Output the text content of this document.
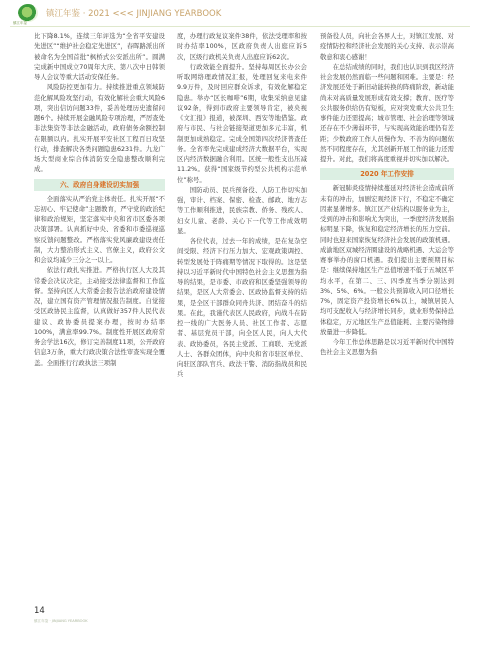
镇江年鉴
镇江年鉴 · 2021 <<< JINJIANG YEARBOOK

比下降8.1%，连续三年评选为“全省平安建设先进区”“维护社会稳定先进区”，春晖路派出所被命名为全国首批“枫桥式公安派出所”。圆满完成新中国成立70周年大庆、第八次中日韩领导人会议等重大活动安保任务。

风险防控更加有力。持续推进重点领域防范化解风险攻坚行动，有效化解社会重大风险6项，突出信访问题33件，妥善处理历史遗留问题6个。持续开展金融风险专项治理，严厉查处非法集资等非法金融活动，政府债务余额控制在限额以内。扎实开展平安社区工程百日攻坚行动，排查解决各类问题隐患6231件。九龙广场大型商业综合体消防安全隐患整改顺利完成。

六、政府自身建设切实加强

全面落实从严治党主体责任。扎实开展“不忘初心、牢记使命”主题教育，严守党的政治纪律和政治规矩，坚定落实中央和省市区委各项决策部署。认真抓好中央、省委和市委巡视巡察反馈问题整改。严格落实党风廉政建设责任制，大力整治形式主义、官僚主义，政府公文和会议均减少三分之一以上。

依法行政扎实推进。严格执行区人大及其常委会决议决定，主动接受法律监督和工作监督。坚持向区人大常委会报告法治政府建设情况，建立国有资产管理情况报告制度。自觉接受区政协民主监督，认真做好357件人民代表建议、政协委员提案办理，按时办结率100%，满意率99.7%。制度性开展区政府常务会学法16次，修订完善制度11项，公开政府信息3万条，重大行政决策合法性审查实现全覆盖。全面推行行政执法三项制

度，办理行政复议案件38件，依法受理率和按时办结率100%，区政府负责人出庭应诉5次，区级行政机关负责人出庭应诉62次。

行政效能全面提升。坚持每周区长办公会听取网络理政情况汇报，处理回复来电来件9.9万件，及时回应群众诉求，有效化解稳定隐患。举办“区长咖啡”6期，收集采纳意见建议92条，得到市政府主要领导肯定，被央视《文汇报》报道，被深圳、西安等地借鉴。政府与市民、与社会链接渠道更加多元丰富，机制更加成熟稳定。完成全国第四次经济普查任务。全省率先完成建成经济大数据平台，实现区内经济数据融合利用。区统一般性支出压减11.2%。获得“国家级节约型公共机构示范单位”称号。

国防动员、民兵预备役、人防工作切实加强，审计、档案、保密、检查、邮政、地方志等工作顺利推进，民族宗教、侨务、残疾人、妇女儿童、老龄、关心下一代等工作成效明显。

各位代表，过去一年的成绩，是在复杂空间受限、经济下行压力加大、宏观政策调控、转型发展处于阵痛期等情况下取得的。这是坚持以习近平新时代中国特色社会主义思想为指导的结果，是市委、市政府和区委坚强领导的结果，是区人大常委会、区政协监督支持的结果，是全区干部群众同舟共济、团结奋斗的结果。在此，我谨代表区人民政府，向战斗在防控一线的广大医务人员、社区工作者、志愿者、基层党员干部，向全区人民，向人大代表、政协委员，各民主党派、工商联、无党派人士、各群众团体，向中央和省市驻区单位、向驻区部队官兵、政法干警、消防指战员和民兵

预备役人员，向社会各界人士，对镇江发展、对疫情防控和经济社会发展的关心支持、表示崇高敬意和衷心感谢！

在总结成绩的同时，我们也认识到我区经济社会发展仍然面临一些问题和困难。主要是：经济发展还处于新旧动能转换的阵痛阶段，新动能尚未对高质量发展形成有效支撑；教育、医疗等公共服务供给仍有短板，应对突发重大公共卫生事件能力还需提高；城市管理、社会治理等领域还存在不少薄弱环节，与实现高效能治理仍有差距；少数政府工作人员慢作为、不善为的问题依然不同程度存在，尤其创新开展工作的能力还需提升。对此，我们将高度重视并切实加以解决。

2020 年工作安排

新冠肺炎疫情持续蔓延对经济社会造成前所未有的冲击，加剧宏观经济下行，不稳定不确定因素显著增多。镇江区产业结构以服务业为主，受到的冲击和影响尤为突出，一季度经济发展指标明显下降，恢复和稳定经济增长的压力空前。同时也迎来国家恢复经济社会发展的政策机遇。成渝地区双城经济圈建设的战略机遇、大运会等赛事举办的窗口机遇。我们提出主要预期目标是：继续保持地区生产总值增速不低于五城区平均水平，在第二、三、四季度当季分别达到3%、5%、6%。一般公共预算收入同口径增长7%，固定资产投资增长6%以上，城镇居民人均可支配收入与经济增长同步，就业形势保持总体稳定，万元地区生产总值能耗、主要污染物排放量进一步降低。

今年工作总体思路是以习近平新时代中国特色社会主义思想为指

14
镇江年鉴 · JINJIANG YEARBOOK
